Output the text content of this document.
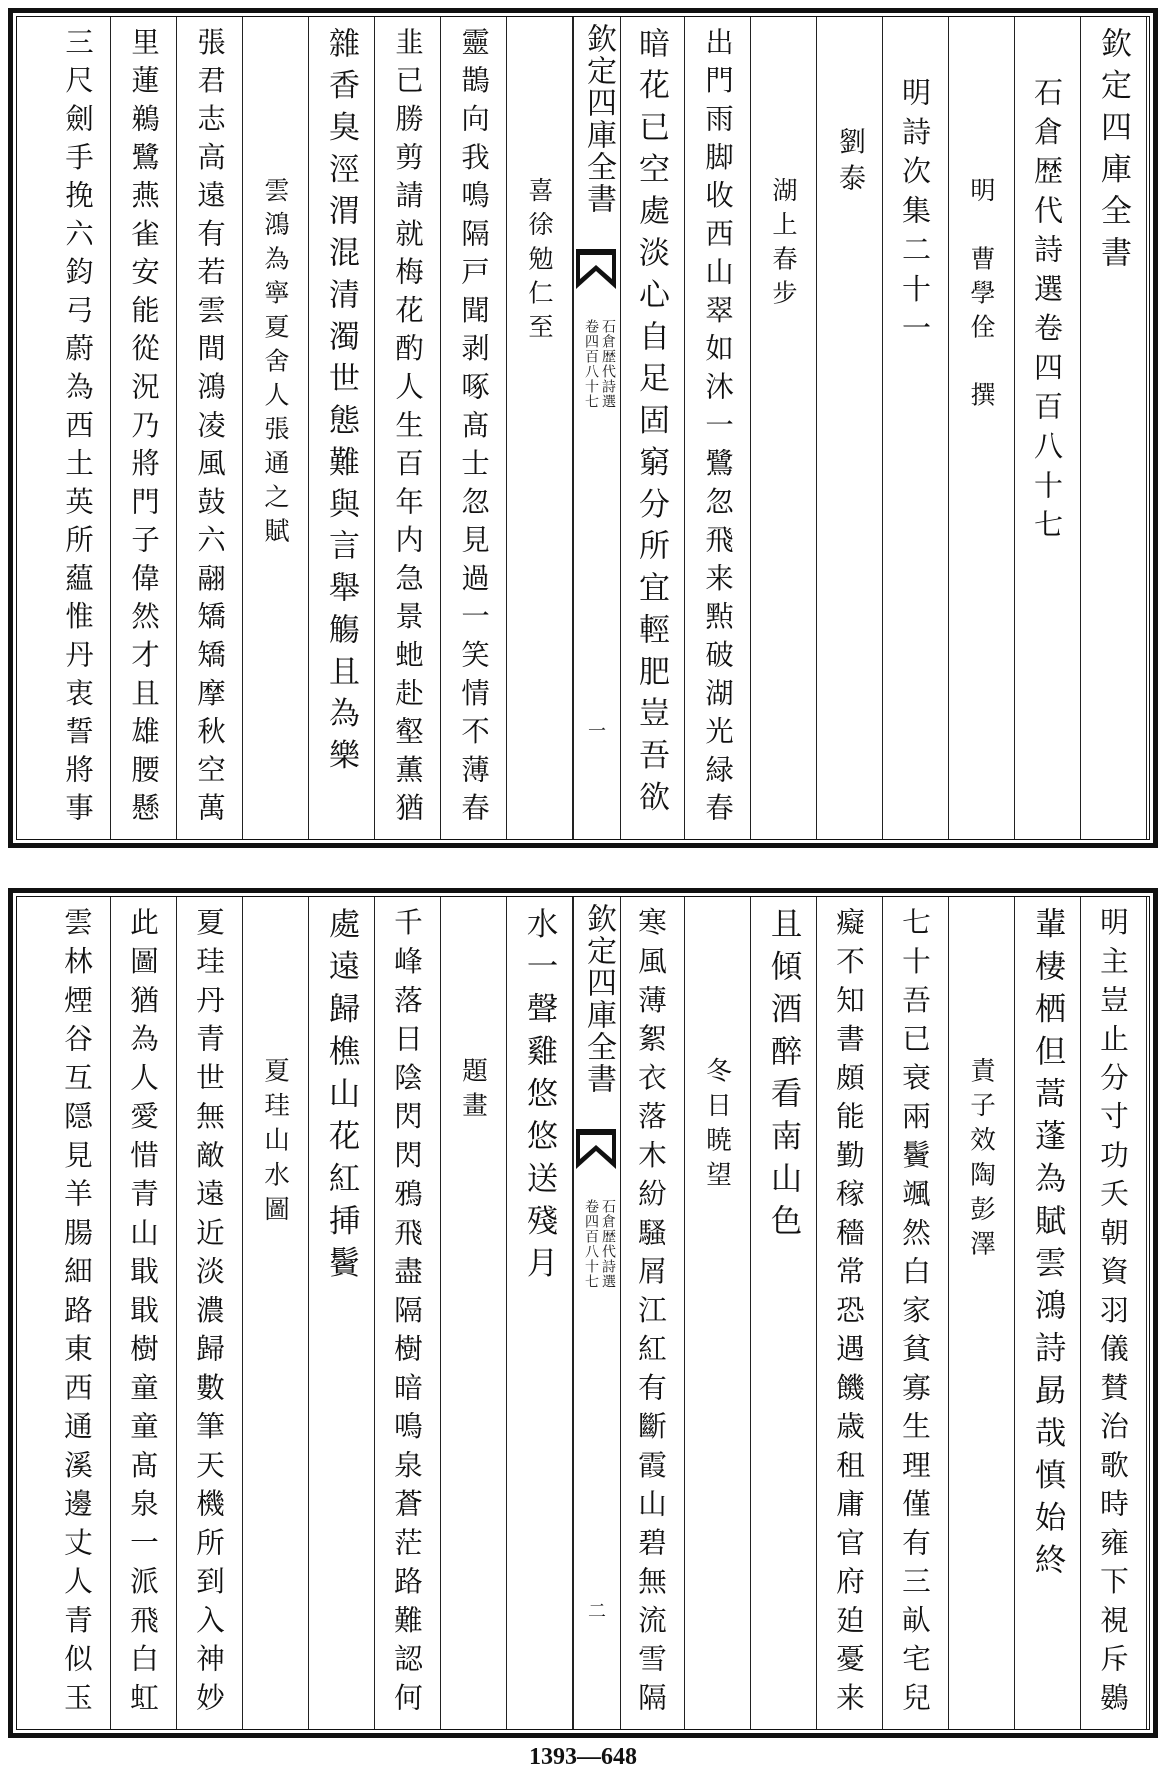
欽定四庫全書
石倉歴代詩選卷四百八十七
明　曹學佺　撰
明詩次集二十一
劉泰
湖上春步
出門雨脚收西山翠如沐一鷺忽飛来㸃破湖光緑春
暗花已空處淡心自足固窮分所宜輕肥豈吾欲
欽定四庫全書
石倉歴代詩選
卷四百八十七
一
喜徐勉仁至
靈鵲向我鳴隔戸聞剥啄髙士忽見過一笑情不薄春
韭已勝剪請就梅花酌人生百年内急景虵赴壑薫猶
雜香臭涇渭混清濁世態難與言舉觴且為樂
雲鴻為寧夏舍人張通之賦
張君志高遠有若雲間鴻凌風鼔六翮矯矯摩秋空萬
里蓮鵜鷺燕雀安能從況乃將門子偉然才且雄腰懸
三尺劍手挽六鈞弓蔚為西土英所藴惟丹衷誓將事
明主豈止分寸功夭朝資羽儀賛治歌時雍下視斥鷃
輩棲栖但蒿蓬為賦雲鴻詩勗哉慎始終
責子效陶彭澤
七十吾已衰兩鬢颯然白家貧寡生理僅有三畒宅兒
癡不知書頗能勤稼穡常恐遇饑歳租庸官府廹憂来
且傾酒醉看南山色
冬日暁望
寒風薄絮衣落木紛騷屑江紅有斷霞山碧無流雪隔
欽定四庫全書
石倉歴代詩選
卷四百八十七
二
水一聲雞悠悠送殘月
題畫
千峰落日陰閃閃鴉飛盡隔樹暗鳴泉蒼茫路難認何
處遠歸樵山花紅挿鬢
夏珪山水圖
夏珪丹青世無敵遠近淡濃歸數筆天機所到入神妙
此圖猶為人愛惜青山戢戢樹童童髙泉一派飛白虹
雲林煙谷互隠見羊腸細路東西通溪邊丈人青似玉
1393—648
